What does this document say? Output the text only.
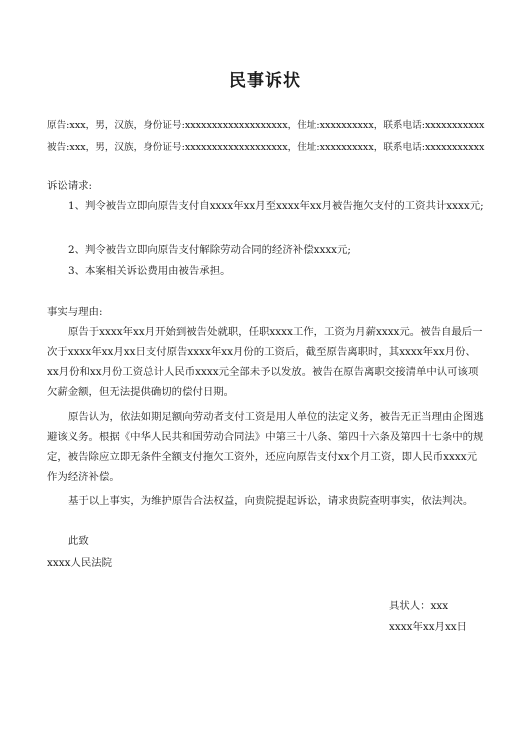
民事诉状
原告:xxx，男，汉族，身份证号:xxxxxxxxxxxxxxxxxxx，住址:xxxxxxxxxx，联系电话:xxxxxxxxxxx
被告:xxx，男，汉族，身份证号:xxxxxxxxxxxxxxxxxxx，住址:xxxxxxxxxx，联系电话:xxxxxxxxxxx
诉讼请求:
1、判令被告立即向原告支付自xxxx年xx月至xxxx年xx月被告拖欠支付的工资共计xxxx元;
2、判令被告立即向原告支付解除劳动合同的经济补偿xxxx元;
3、本案相关诉讼费用由被告承担。
事实与理由:
原告于xxxx年xx月开始到被告处就职，任职xxxx工作，工资为月薪xxxx元。被告自最后一次于xxxx年xx月xx日支付原告xxxx年xx月份的工资后，截至原告离职时，其xxxx年xx月份、xx月份和xx月份工资总计人民币xxxx元全部未予以发放。被告在原告离职交接清单中认可该项欠薪金额，但无法提供确切的偿付日期。
原告认为，依法如期足额向劳动者支付工资是用人单位的法定义务，被告无正当理由企图逃避该义务。根据《中华人民共和国劳动合同法》中第三十八条、第四十六条及第四十七条中的规定，被告除应立即无条件全额支付拖欠工资外，还应向原告支付xx个月工资，即人民币xxxx元作为经济补偿。
基于以上事实，为维护原告合法权益，向贵院提起诉讼，请求贵院查明事实，依法判决。
此致
xxxx人民法院
具状人：xxx
xxxx年xx月xx日
